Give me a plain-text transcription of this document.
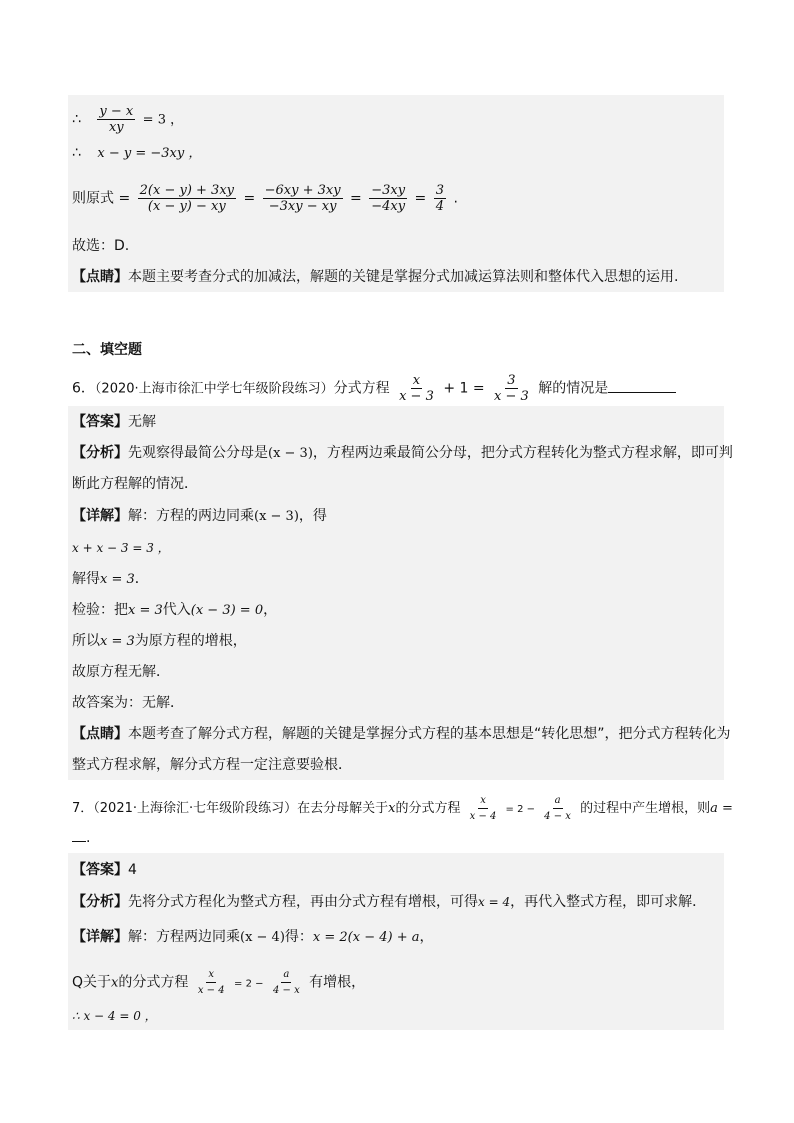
∴ $\frac{y - x}{xy} = 3$ ，
∴ x − y = −3xy ，
则原式 = $\frac{2(x - y) + 3xy}{(x - y) - xy} = \frac{-6xy + 3xy}{-3xy - xy} = \frac{-3xy}{-4xy} = \frac{3}{4}$ .
故选：D.
【点睛】本题主要考查分式的加减法，解题的关键是掌握分式加减运算法则和整体代入思想的运用.
二、填空题
6．（2020·上海市徐汇中学七年级阶段练习）分式方程 $\frac{x}{x - 3} + 1 = \frac{3}{x - 3}$ 解的情况是
【答案】无解
【分析】先观察得最简公分母是(x − 3)，方程两边乘最简公分母，把分式方程转化为整式方程求解，即可判
断此方程解的情况．
【详解】解：方程的两边同乘(x − 3)，得
x + x − 3 = 3 ，
解得x = 3．
检验：把x = 3代入(x − 3) = 0，
所以x = 3为原方程的增根，
故原方程无解．
故答案为：无解．
【点睛】本题考查了解分式方程，解题的关键是掌握分式方程的基本思想是“转化思想”，把分式方程转化为
整式方程求解，解分式方程一定注意要验根．
7．（2021·上海徐汇·七年级阶段练习）在去分母解关于x的分式方程 $\frac{x}{x - 4} = 2 - \frac{a}{4 - x}$ 的过程中产生增根，则a =
.
【答案】4
【分析】先将分式方程化为整式方程，再由分式方程有增根，可得x = 4，再代入整式方程，即可求解．
【详解】解：方程两边同乘(x − 4)得：x = 2(x − 4) + a，
Q关于x的分式方程 $\frac{x}{x - 4} = 2 - \frac{a}{4 - x}$ 有增根，
∴ x − 4 = 0 ，
